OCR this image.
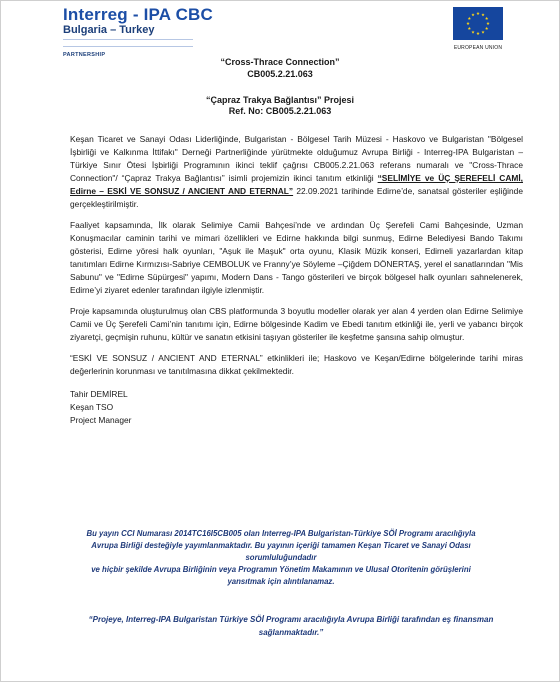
Interreg - IPA CBC
Bulgaria – Turkey
PARTNERSHIP
EUROPEAN UNION
“Cross-Thrace Connection”
CB005.2.21.063
“Çapraz Trakya Bağlantısı” Projesi
Ref. No: CB005.2.21.063

Keşan Ticaret ve Sanayi Odası Liderliğinde, Bulgaristan - Bölgesel Tarih Müzesi - Haskovo ve Bulgaristan "Bölgesel İşbirliği ve Kalkınma İttifakı" Derneği Partnerliğinde yürütmekte olduğumuz Avrupa Birliği - Interreg-IPA Bulgaristan – Türkiye Sınır Ötesi İşbirliği Programının ikinci teklif çağrısı CB005.2.21.063 referans numaralı ve "Cross-Thrace Connection"/ “Çapraz Trakya Bağlantısı” isimli projemizin ikinci tanıtım etkinliği “SELİMİYE ve ÜÇ ŞEREFELİ CAMİ, Edirne – ESKİ VE SONSUZ / ANCIENT AND ETERNAL” 22.09.2021 tarihinde Edirne’de, sanatsal gösteriler eşliğinde gerçekleştirilmiştir.

Faaliyet kapsamında, İlk olarak Selimiye Camii Bahçesi’nde ve ardından Üç Şerefeli Cami Bahçesinde, Uzman Konuşmacılar caminin tarihi ve mimari özellikleri ve Edirne hakkında bilgi sunmuş, Edirne Belediyesi Bando Takımı gösterisi, Edirne yöresi halk oyunları, "Aşuk ile Maşuk" orta oyunu, Klasik Müzik konseri, Edirneli yazarlardan kitap tanıtımları Edirne Kırmızısı-Sabriye CEMBOLUK ve Franny’ye Söyleme –Çiğdem DÖNERTAŞ, yerel el sanatlarından "Mis Sabunu" ve "Edirne Süpürgesi" yapımı, Modern Dans - Tango gösterileri ve birçok bölgesel halk oyunları sahnelenerek, Edirne’yi ziyaret edenler tarafından ilgiyle izlenmiştir.

Proje kapsamında oluşturulmuş olan CBS platformunda 3 boyutlu modeller olarak yer alan 4 yerden olan Edirne Selimiye Camii ve Üç Şerefeli Cami’nin tanıtımı için, Edirne bölgesinde Kadim ve Ebedi tanıtım etkinliği ile, yerli ve yabancı birçok ziyaretçi, geçmişin ruhunu, kültür ve sanatın etkisini taşıyan gösteriler ile keşfetme şansına sahip olmuştur.

“ESKİ VE SONSUZ / ANCIENT AND ETERNAL” etkinlikleri ile; Haskovo ve Keşan/Edirne bölgelerinde tarihi miras değerlerinin korunması ve tanıtılmasına dikkat çekilmektedir.

Tahir DEMİREL
Keşan TSO
Project Manager
Bu yayın CCI Numarası 2014TC16I5CB005 olan Interreg-IPA Bulgaristan-Türkiye SÖİ Programı aracılığıyla Avrupa Birliği desteğiyle yayımlanmaktadır. Bu yayının içeriği tamamen Keşan Ticaret ve Sanayi Odası sorumluluğundadır
ve hiçbir şekilde Avrupa Birliğinin veya Programın Yönetim Makamının ve Ulusal Otoritenin görüşlerini yansıtmak için alıntılanamaz.
“Projeye, Interreg-IPA Bulgaristan Türkiye SÖİ Programı aracılığıyla Avrupa Birliği tarafından eş finansman sağlanmaktadır.”
